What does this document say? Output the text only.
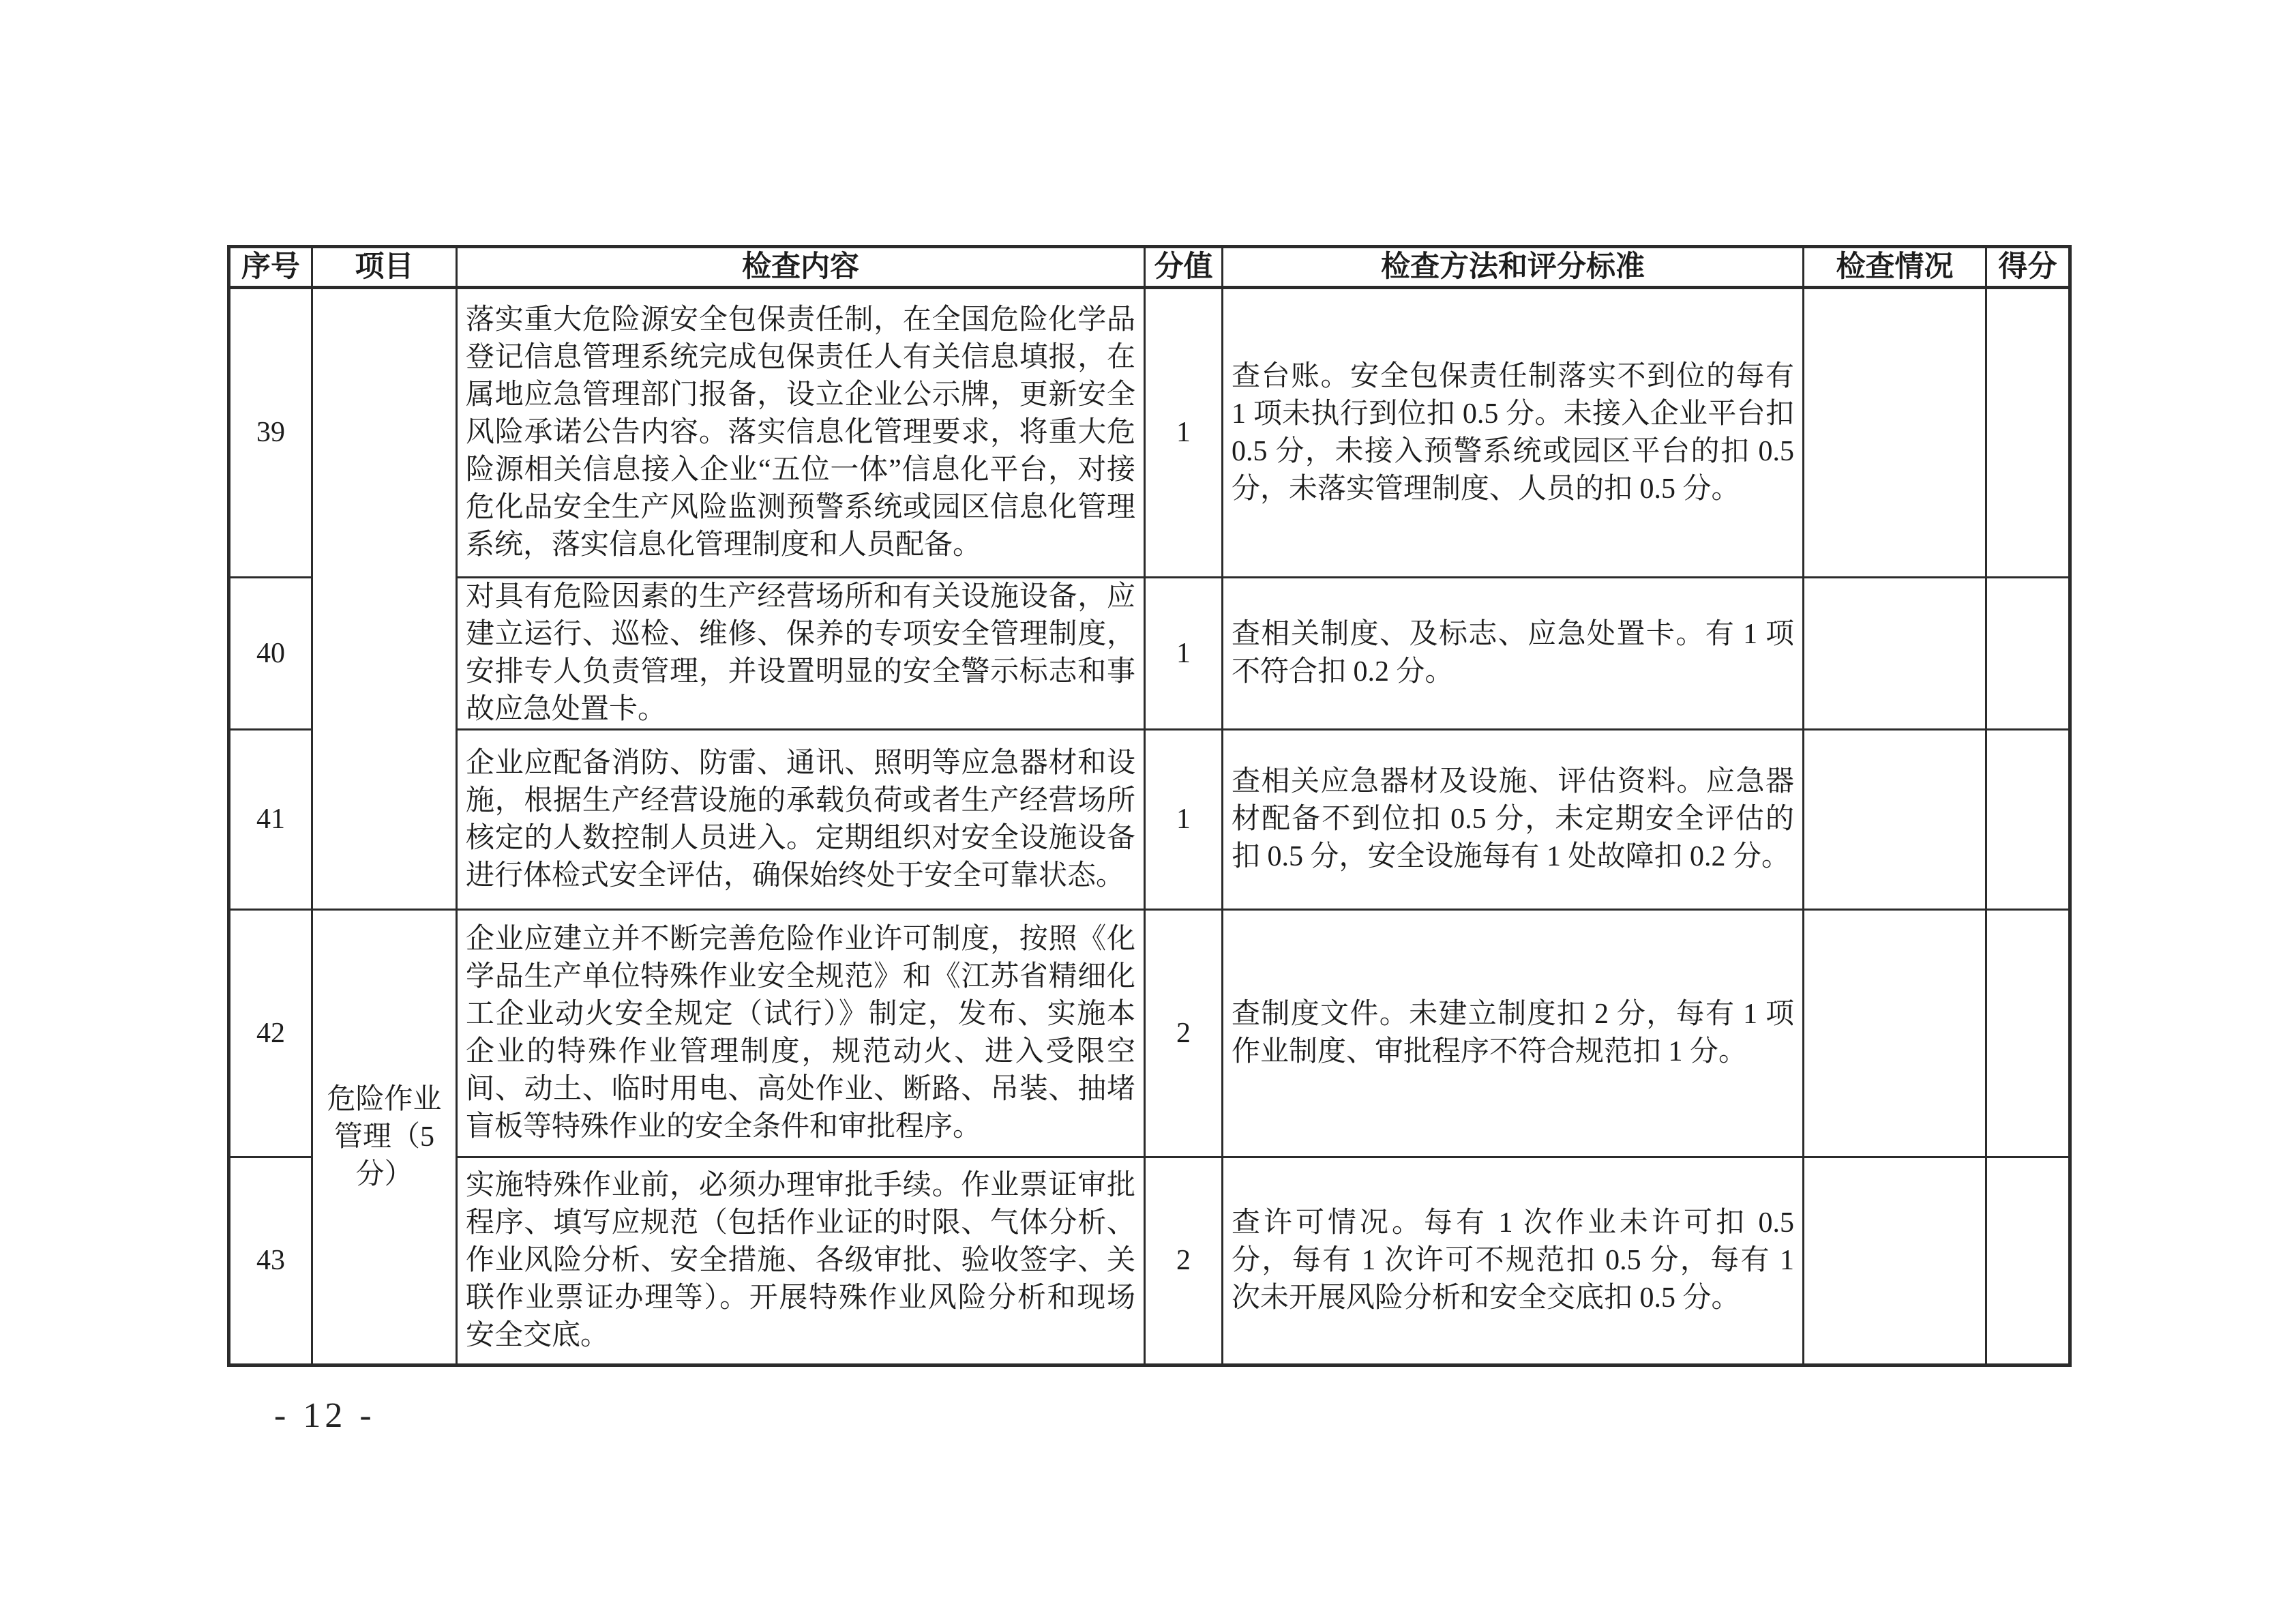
序号	项目	检查内容	分值	检查方法和评分标准	检查情况	得分
39		落实重大危险源安全包保责任制，在全国危险化学品登记信息管理系统完成包保责任人有关信息填报，在属地应急管理部门报备，设立企业公示牌，更新安全风险承诺公告内容。落实信息化管理要求，将重大危险源相关信息接入企业“五位一体”信息化平台，对接危化品安全生产风险监测预警系统或园区信息化管理系统，落实信息化管理制度和人员配备。	1	查台账。安全包保责任制落实不到位的每有 1 项未执行到位扣 0.5 分。未接入企业平台扣 0.5 分，未接入预警系统或园区平台的扣 0.5 分，未落实管理制度、人员的扣 0.5 分。		
40		对具有危险因素的生产经营场所和有关设施设备，应建立运行、巡检、维修、保养的专项安全管理制度，安排专人负责管理，并设置明显的安全警示标志和事故应急处置卡。	1	查相关制度、及标志、应急处置卡。有 1 项不符合扣 0.2 分。		
41		企业应配备消防、防雷、通讯、照明等应急器材和设施，根据生产经营设施的承载负荷或者生产经营场所核定的人数控制人员进入。定期组织对安全设施设备进行体检式安全评估，确保始终处于安全可靠状态。	1	查相关应急器材及设施、评估资料。应急器材配备不到位扣 0.5 分，未定期安全评估的扣 0.5 分，安全设施每有 1 处故障扣 0.2 分。		
42	危险作业管理（5分）	企业应建立并不断完善危险作业许可制度，按照《化学品生产单位特殊作业安全规范》和《江苏省精细化工企业动火安全规定（试行）》制定，发布、实施本企业的特殊作业管理制度，规范动火、进入受限空间、动土、临时用电、高处作业、断路、吊装、抽堵盲板等特殊作业的安全条件和审批程序。	2	查制度文件。未建立制度扣 2 分，每有 1 项作业制度、审批程序不符合规范扣 1 分。		
43		实施特殊作业前，必须办理审批手续。作业票证审批程序、填写应规范（包括作业证的时限、气体分析、作业风险分析、安全措施、各级审批、验收签字、关联作业票证办理等）。开展特殊作业风险分析和现场安全交底。	2	查许可情况。每有 1 次作业未许可扣 0.5 分，每有 1 次许可不规范扣 0.5 分，每有 1 次未开展风险分析和安全交底扣 0.5 分。		
- 12 -
